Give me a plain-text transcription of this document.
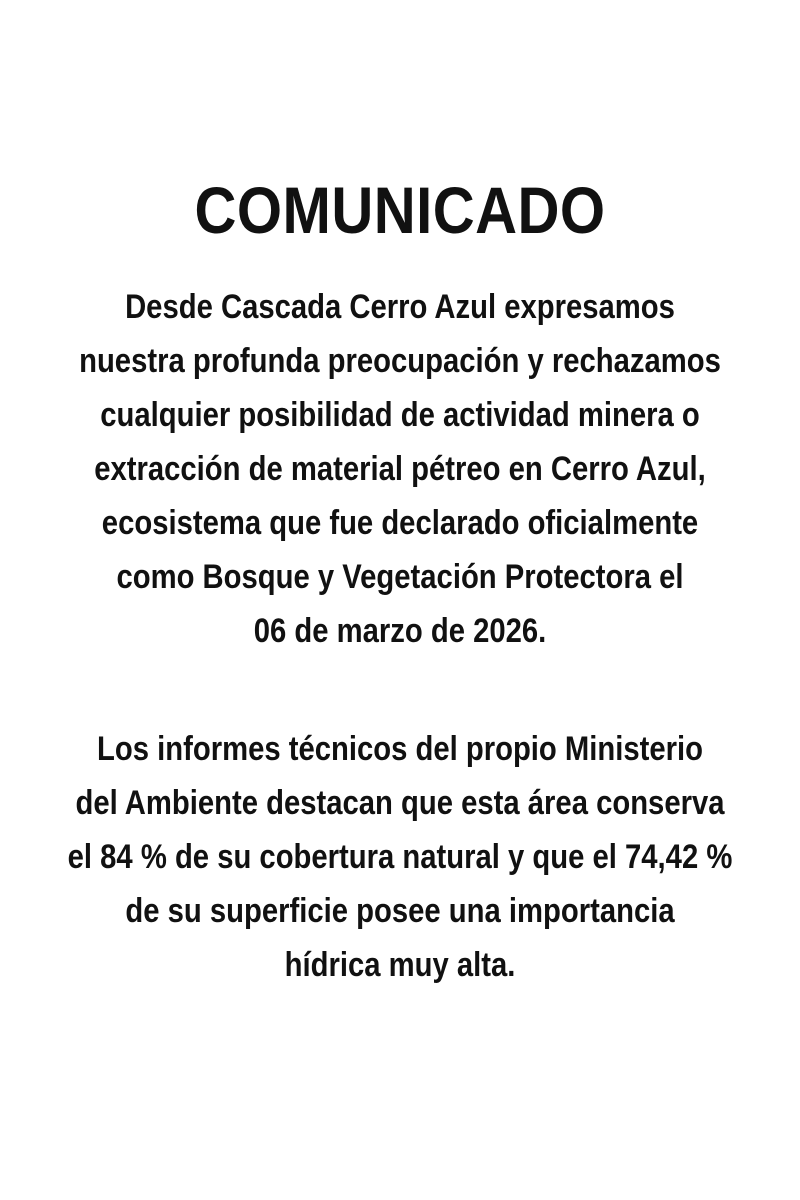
COMUNICADO

Desde Cascada Cerro Azul expresamos
nuestra profunda preocupación y rechazamos
cualquier posibilidad de actividad minera o
extracción de material pétreo en Cerro Azul,
ecosistema que fue declarado oficialmente
como Bosque y Vegetación Protectora el
06 de marzo de 2026.

Los informes técnicos del propio Ministerio
del Ambiente destacan que esta área conserva
el 84 % de su cobertura natural y que el 74,42 %
de su superficie posee una importancia
hídrica muy alta.
